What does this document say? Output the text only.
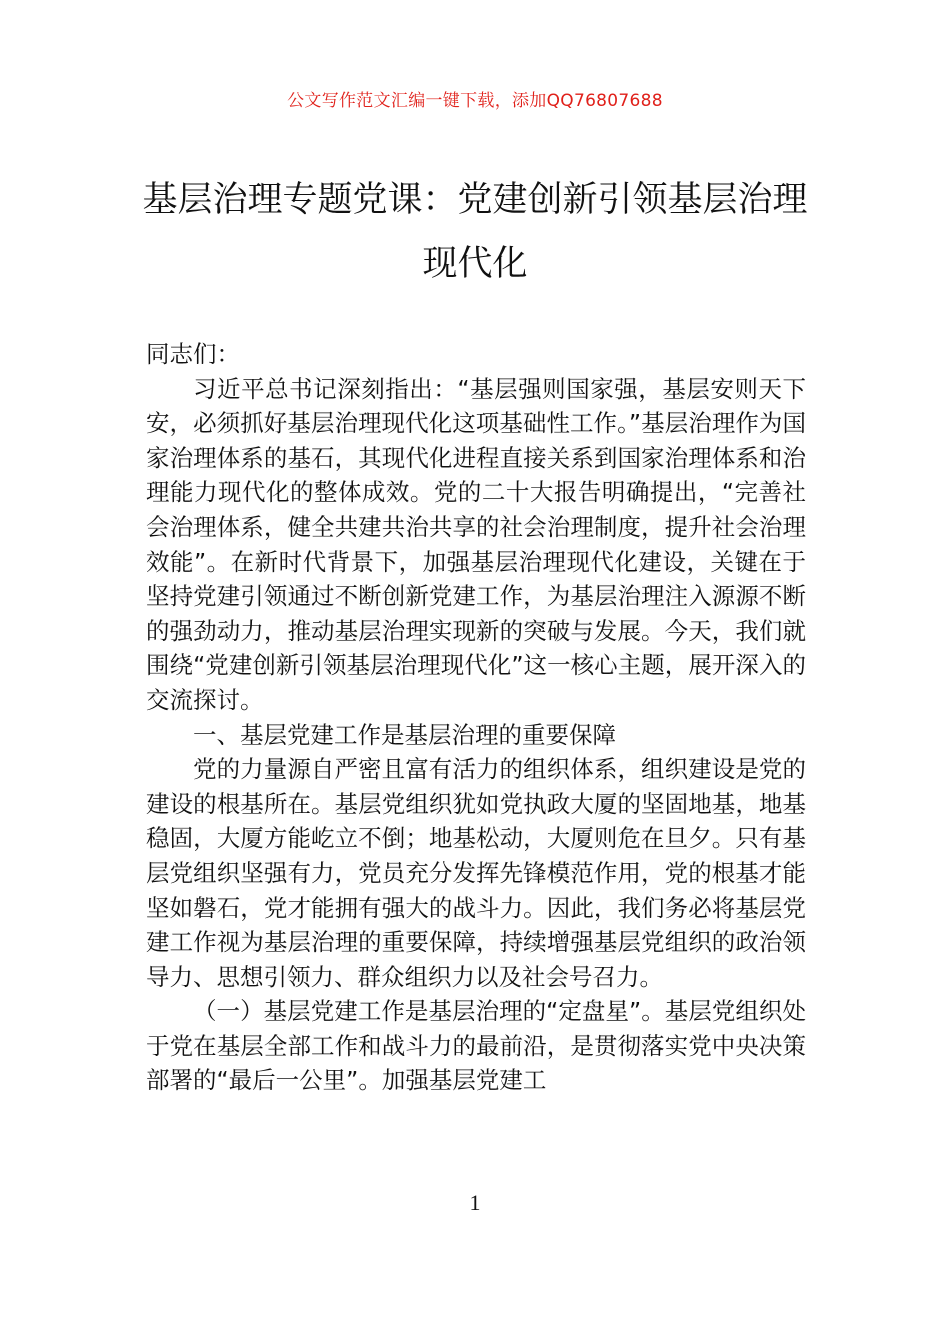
公文写作范文汇编一键下载，添加QQ76807688
基层治理专题党课：党建创新引领基层治理现代化

同志们：

习近平总书记深刻指出：“基层强则国家强，基层安则天下安，必须抓好基层治理现代化这项基础性工作。”基层治理作为国家治理体系的基石，其现代化进程直接关系到国家治理体系和治理能力现代化的整体成效。党的二十大报告明确提出，“完善社会治理体系，健全共建共治共享的社会治理制度，提升社会治理效能”。在新时代背景下，加强基层治理现代化建设，关键在于坚持党建引领通过不断创新党建工作，为基层治理注入源源不断的强劲动力，推动基层治理实现新的突破与发展。今天，我们就围绕“党建创新引领基层治理现代化”这一核心主题，展开深入的交流探讨。

一、基层党建工作是基层治理的重要保障

党的力量源自严密且富有活力的组织体系，组织建设是党的建设的根基所在。基层党组织犹如党执政大厦的坚固地基，地基稳固，大厦方能屹立不倒；地基松动，大厦则危在旦夕。只有基层党组织坚强有力，党员充分发挥先锋模范作用，党的根基才能坚如磐石，党才能拥有强大的战斗力。因此，我们务必将基层党建工作视为基层治理的重要保障，持续增强基层党组织的政治领导力、思想引领力、群众组织力以及社会号召力。

（一）基层党建工作是基层治理的“定盘星”。基层党组织处于党在基层全部工作和战斗力的最前沿，是贯彻落实党中央决策部署的“最后一公里”。加强基层党建工

1
